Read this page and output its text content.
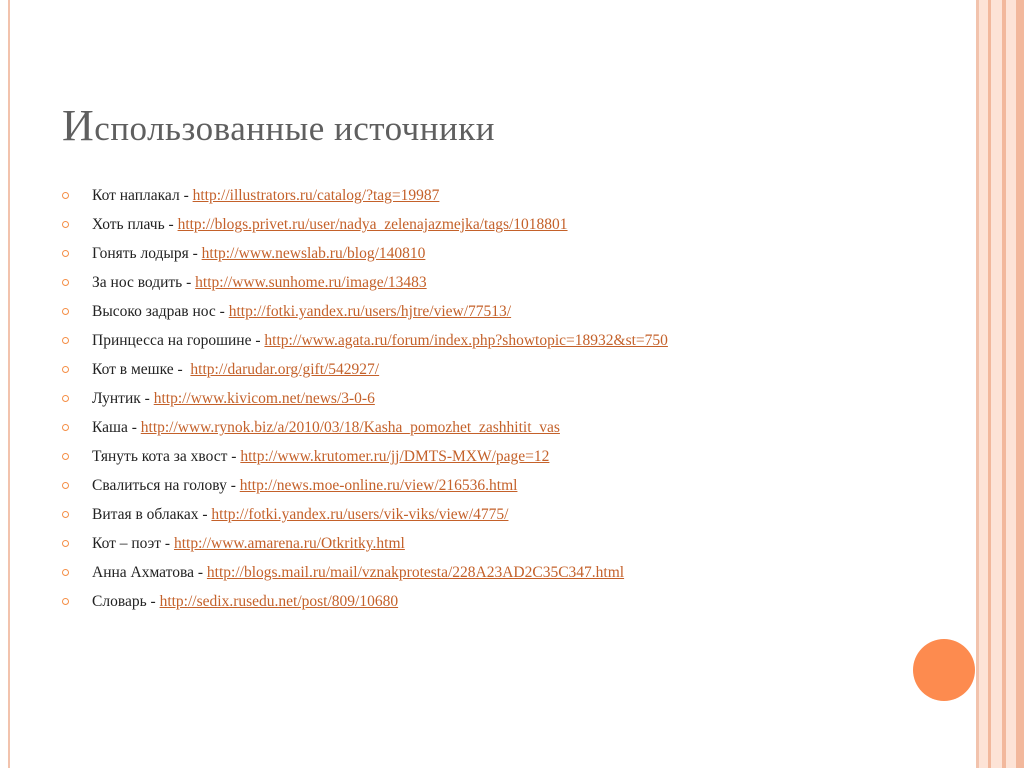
Использованные источники
Кот наплакал - http://illustrators.ru/catalog/?tag=19987
Хоть плачь - http://blogs.privet.ru/user/nadya_zelenajazmejka/tags/1018801
Гонять лодыря - http://www.newslab.ru/blog/140810
За нос водить - http://www.sunhome.ru/image/13483
Высоко задрав нос - http://fotki.yandex.ru/users/hjtre/view/77513/
Принцесса на горошине - http://www.agata.ru/forum/index.php?showtopic=18932&st=750
Кот в мешке -  http://darudar.org/gift/542927/
Лунтик - http://www.kivicom.net/news/3-0-6
Каша - http://www.rynok.biz/a/2010/03/18/Kasha_pomozhet_zashhitit_vas
Тянуть кота за хвост - http://www.krutomer.ru/jj/DMTS-MXW/page=12
Свалиться на голову - http://news.moe-online.ru/view/216536.html
Витая в облаках - http://fotki.yandex.ru/users/vik-viks/view/4775/
Кот – поэт - http://www.amarena.ru/Otkritky.html
Анна Ахматова - http://blogs.mail.ru/mail/vznakprotesta/228A23AD2C35C347.html
Словарь - http://sedix.rusedu.net/post/809/10680
